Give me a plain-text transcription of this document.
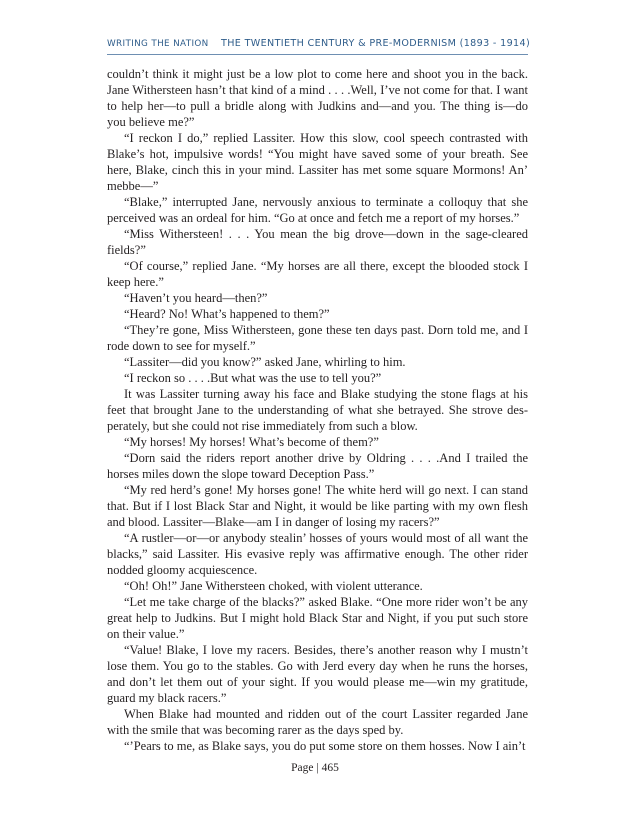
WRITING THE NATION THE TWENTIETH CENTURY & PRE-MODERNISM (1893 - 1914)

couldn’t think it might just be a low plot to come here and shoot you in the back. Jane Withersteen hasn’t that kind of a mind . . . .Well, I’ve not come for that. I want to help her—to pull a bridle along with Judkins and—and you. The thing is—do you believe me?”

“I reckon I do,” replied Lassiter. How this slow, cool speech contrasted with Blake’s hot, impulsive words! “You might have saved some of your breath. See here, Blake, cinch this in your mind. Lassiter has met some square Mormons! An’ mebbe—”

“Blake,” interrupted Jane, nervously anxious to terminate a colloquy that she perceived was an ordeal for him. “Go at once and fetch me a report of my horses.”

“Miss Withersteen! . . . You mean the big drove—down in the sage-cleared fields?”

“Of course,” replied Jane. “My horses are all there, except the blooded stock I keep here.”

“Haven’t you heard—then?”

“Heard? No! What’s happened to them?”

“They’re gone, Miss Withersteen, gone these ten days past. Dorn told me, and I rode down to see for myself.”

“Lassiter—did you know?” asked Jane, whirling to him.

“I reckon so . . . .But what was the use to tell you?”

It was Lassiter turning away his face and Blake studying the stone flags at his feet that brought Jane to the understanding of what she betrayed. She strove desperately, but she could not rise immediately from such a blow.

“My horses! My horses! What’s become of them?”

“Dorn said the riders report another drive by Oldring . . . .And I trailed the horses miles down the slope toward Deception Pass.”

“My red herd’s gone! My horses gone! The white herd will go next. I can stand that. But if I lost Black Star and Night, it would be like parting with my own flesh and blood. Lassiter—Blake—am I in danger of losing my racers?”

“A rustler—or—or anybody stealin’ hosses of yours would most of all want the blacks,” said Lassiter. His evasive reply was affirmative enough. The other rider nodded gloomy acquiescence.

“Oh! Oh!” Jane Withersteen choked, with violent utterance.

“Let me take charge of the blacks?” asked Blake. “One more rider won’t be any great help to Judkins. But I might hold Black Star and Night, if you put such store on their value.”

“Value! Blake, I love my racers. Besides, there’s another reason why I mustn’t lose them. You go to the stables. Go with Jerd every day when he runs the horses, and don’t let them out of your sight. If you would please me—win my gratitude, guard my black racers.”

When Blake had mounted and ridden out of the court Lassiter regarded Jane with the smile that was becoming rarer as the days sped by.

“’Pears to me, as Blake says, you do put some store on them hosses. Now I ain’t

Page | 465
